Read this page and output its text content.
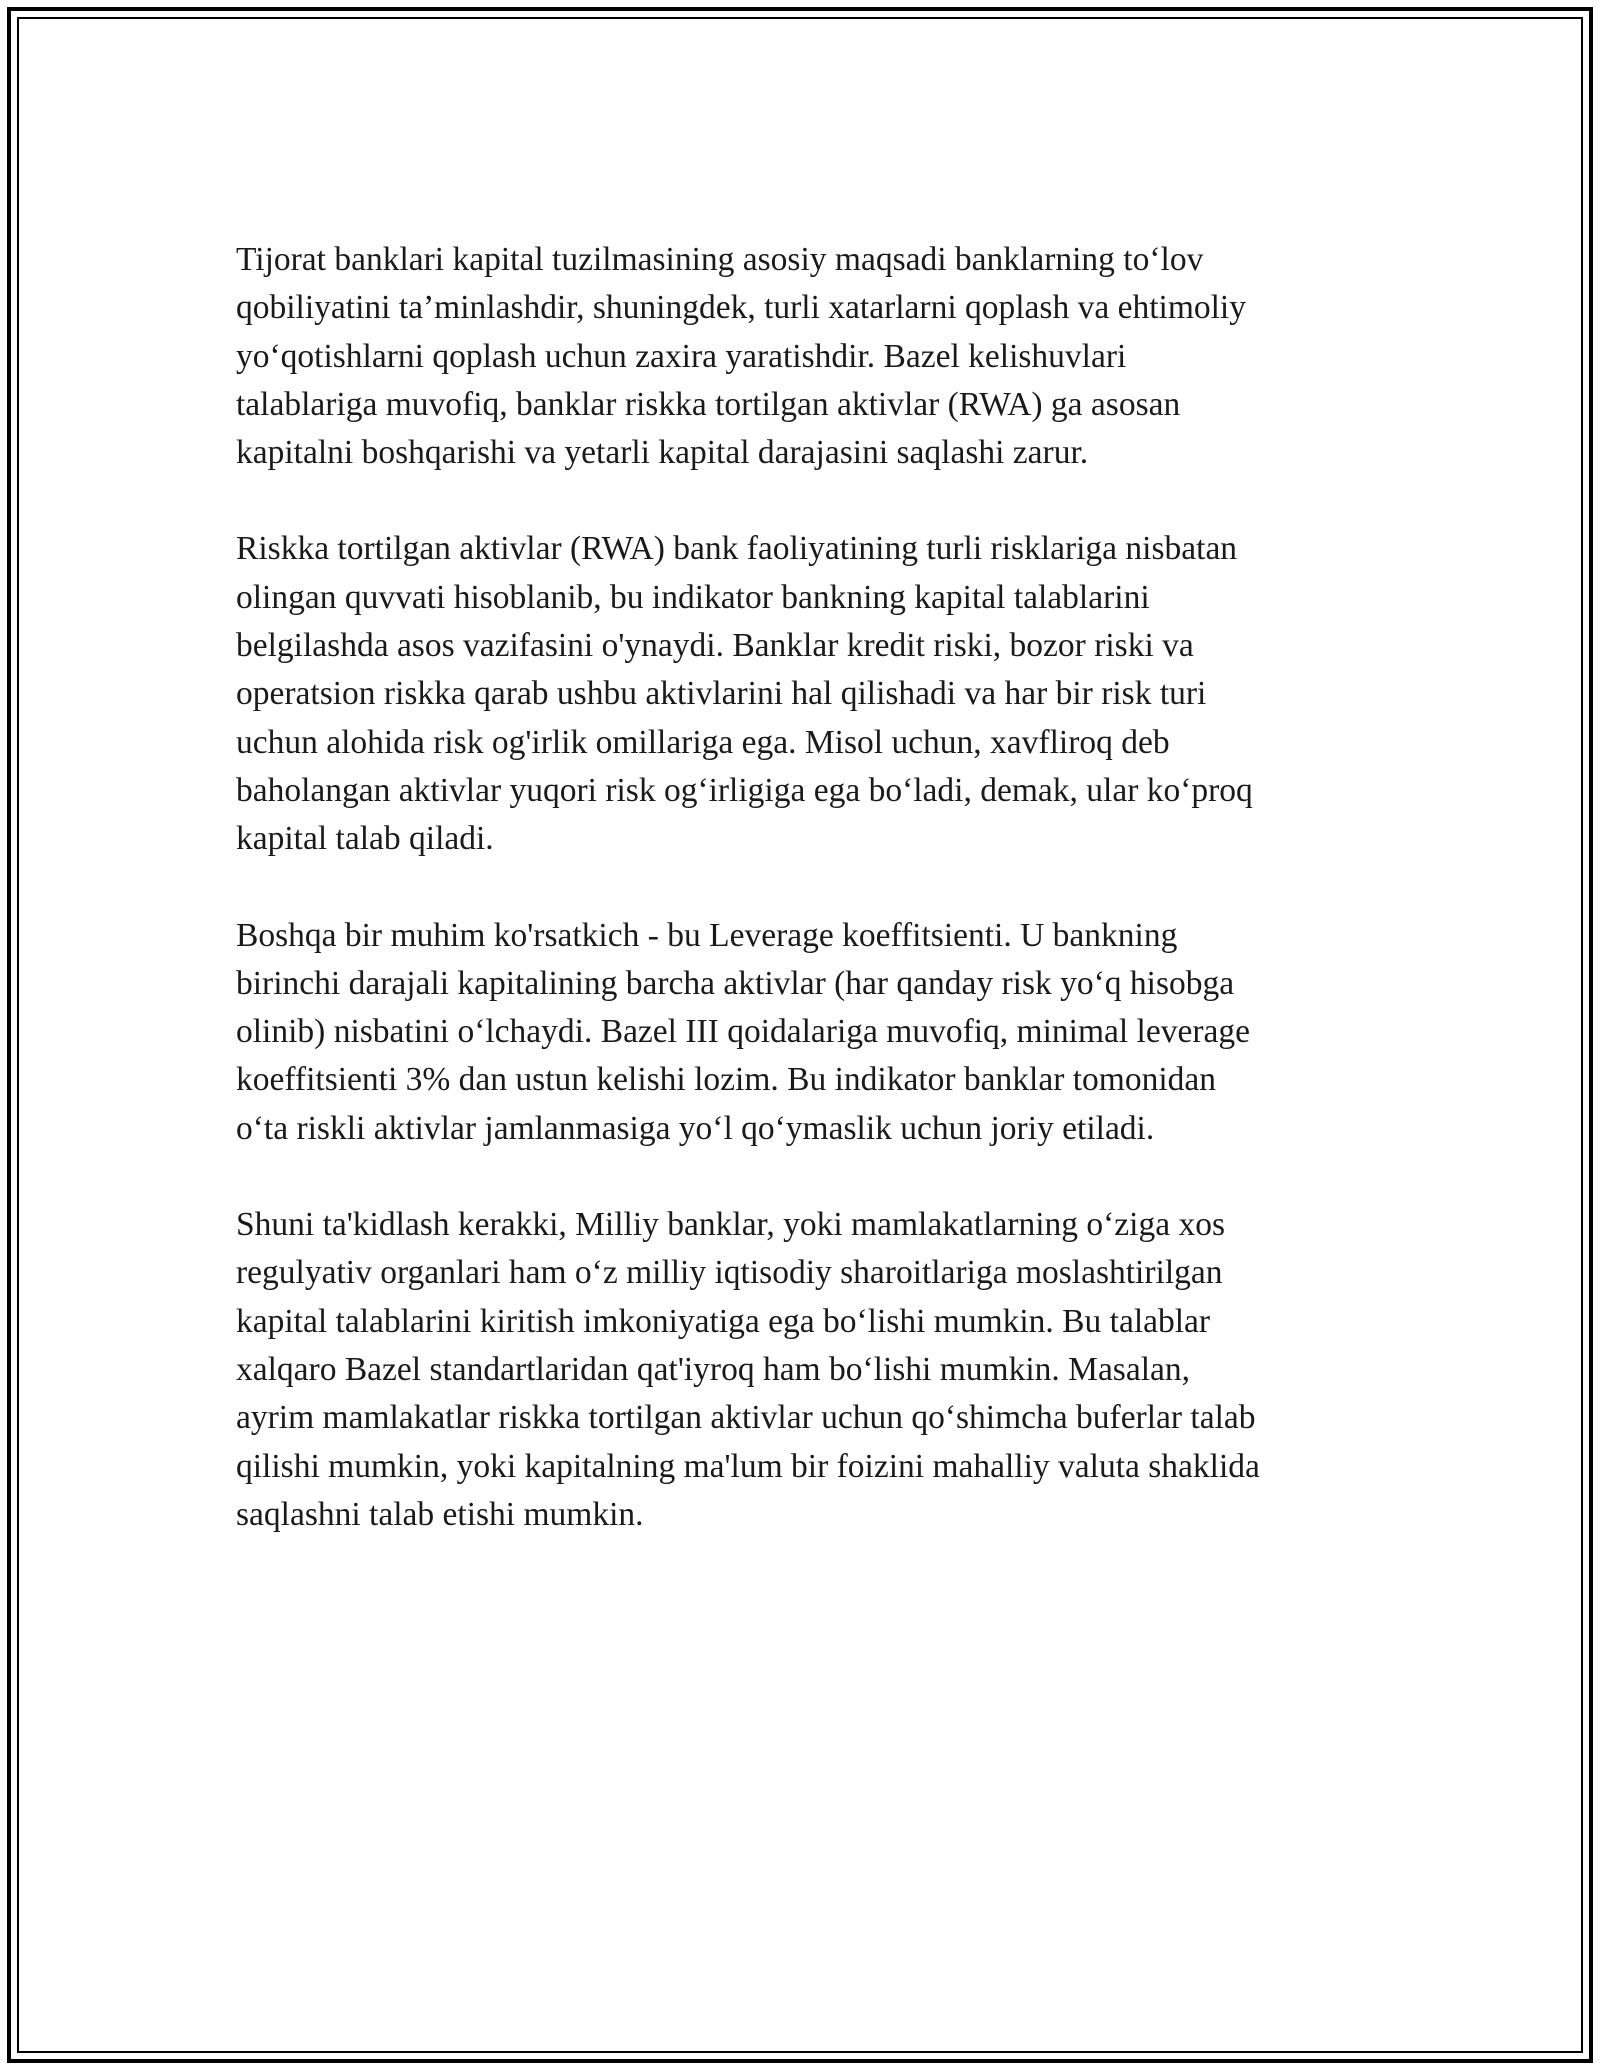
Tijorat banklari kapital tuzilmasining asosiy maqsadi banklarning to‘lov
qobiliyatini ta’minlashdir, shuningdek, turli xatarlarni qoplash va ehtimoliy
yo‘qotishlarni qoplash uchun zaxira yaratishdir. Bazel kelishuvlari
talablariga muvofiq, banklar riskka tortilgan aktivlar (RWA) ga asosan
kapitalni boshqarishi va yetarli kapital darajasini saqlashi zarur.

Riskka tortilgan aktivlar (RWA) bank faoliyatining turli risklariga nisbatan
olingan quvvati hisoblanib, bu indikator bankning kapital talablarini
belgilashda asos vazifasini o'ynaydi. Banklar kredit riski, bozor riski va
operatsion riskka qarab ushbu aktivlarini hal qilishadi va har bir risk turi
uchun alohida risk og'irlik omillariga ega. Misol uchun, xavfliroq deb
baholangan aktivlar yuqori risk og‘irligiga ega bo‘ladi, demak, ular ko‘proq
kapital talab qiladi.

Boshqa bir muhim ko'rsatkich - bu Leverage koeffitsienti. U bankning
birinchi darajali kapitalining barcha aktivlar (har qanday risk yo‘q hisobga
olinib) nisbatini o‘lchaydi. Bazel III qoidalariga muvofiq, minimal leverage
koeffitsienti 3% dan ustun kelishi lozim. Bu indikator banklar tomonidan
o‘ta riskli aktivlar jamlanmasiga yo‘l qo‘ymaslik uchun joriy etiladi.

Shuni ta'kidlash kerakki, Milliy banklar, yoki mamlakatlarning o‘ziga xos
regulyativ organlari ham o‘z milliy iqtisodiy sharoitlariga moslashtirilgan
kapital talablarini kiritish imkoniyatiga ega bo‘lishi mumkin. Bu talablar
xalqaro Bazel standartlaridan qat'iyroq ham bo‘lishi mumkin. Masalan,
ayrim mamlakatlar riskka tortilgan aktivlar uchun qo‘shimcha buferlar talab
qilishi mumkin, yoki kapitalning ma'lum bir foizini mahalliy valuta shaklida
saqlashni talab etishi mumkin.
